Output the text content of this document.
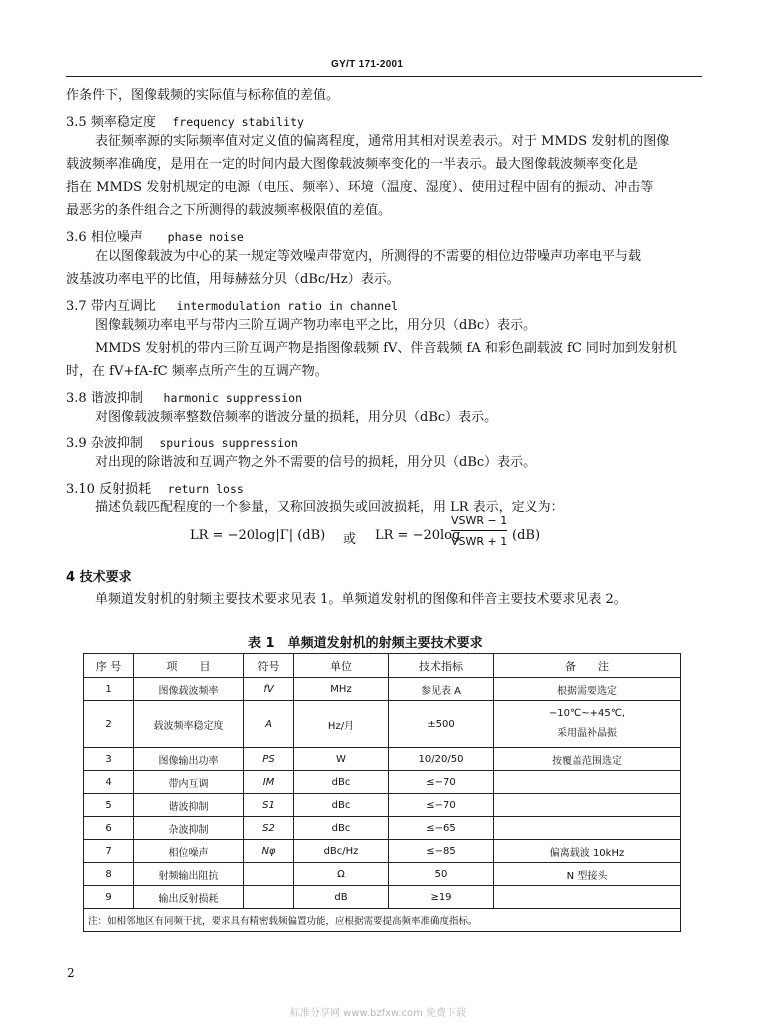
GY/T 171-2001
作条件下，图像载频的实际值与标称值的差值。
3.5 频率稳定度 frequency stability
表征频率源的实际频率值对定义值的偏离程度，通常用其相对误差表示。对于 MMDS 发射机的图像
载波频率准确度，是用在一定的时间内最大图像载波频率变化的一半表示。最大图像载波频率变化是
指在 MMDS 发射机规定的电源（电压、频率）、环境（温度、湿度）、使用过程中固有的振动、冲击等
最恶劣的条件组合之下所测得的载波频率极限值的差值。
3.6 相位噪声 phase noise
在以图像载波为中心的某一规定等效噪声带宽内，所测得的不需要的相位边带噪声功率电平与载
波基波功率电平的比值，用每赫兹分贝（dBc/Hz）表示。
3.7 带内互调比 intermodulation ratio in channel
图像载频功率电平与带内三阶互调产物功率电平之比，用分贝（dBc）表示。
MMDS 发射机的带内三阶互调产物是指图像载频 fV、伴音载频 fA 和彩色副载波 fC 同时加到发射机
时，在 fV+fA-fC 频率点所产生的互调产物。
3.8 谐波抑制 harmonic suppression
对图像载波频率整数倍频率的谐波分量的损耗，用分贝（dBc）表示。
3.9 杂波抑制 spurious suppression
对出现的除谐波和互调产物之外不需要的信号的损耗，用分贝（dBc）表示。
3.10 反射损耗 return loss
描述负载匹配程度的一个参量，又称回波损失或回波损耗，用 LR 表示，定义为：
LR = −20log|Γ| (dB) 或 LR = −20log
VSWR − 1
VSWR + 1 (dB)
4 技术要求
单频道发射机的射频主要技术要求见表 1。单频道发射机的图像和伴音主要技术要求见表 2。
表 1　单频道发射机的射频主要技术要求
序 号	项　　目	符号	单位	技术指标	备　　注
1	图像载波频率	fV	MHz	参见表 A	根据需要选定
2	载波频率稳定度	A	Hz/月	±500	−10℃~+45℃,
采用温补晶振
3	图像输出功率	PS	W	10/20/50	按覆盖范围选定
4	带内互调	IM	dBc	≤−70	
5	谐波抑制	S1	dBc	≤−70	
6	杂波抑制	S2	dBc	≤−65	
7	相位噪声	Nφ	dBc/Hz	≤−85	偏离载波 10kHz
8	射频输出阻抗		Ω	50	N 型接头
9	输出反射损耗		dB	≥19	
注：如相邻地区有同频干扰，要求具有精密载频偏置功能，应根据需要提高频率准确度指标。					
2
标准分享网 www.bzfxw.com 免费下载
